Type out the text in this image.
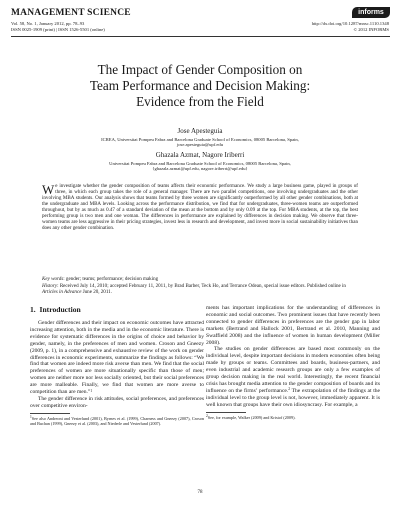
MANAGEMENT SCIENCE
Vol. 58, No. 1, January 2012, pp. 78–93
ISSN 0025-1909 (print) | ISSN 1526-5501 (online)
informs
http://dx.doi.org/10.1287/mnsc.1110.1348
© 2012 INFORMS
The Impact of Gender Composition on
Team Performance and Decision Making:
Evidence from the Field
Jose Apesteguia
ICREA, Universitat Pompeu Fabra and Barcelona Graduate School of Economics, 08005 Barcelona, Spain,
jose.apesteguia@upf.edu
Ghazala Azmat, Nagore Iriberri
Universitat Pompeu Fabra and Barcelona Graduate School of Economics, 08005 Barcelona, Spain,
{ghazala.azmat@upf.edu, nagore.iriberri@upf.edu}
We investigate whether the gender composition of teams affects their economic performance. We study a large business game, played in groups of three, in which each group takes the role of a general manager. There are two parallel competitions, one involving undergraduates and the other involving MBA students. Our analysis shows that teams formed by three women are significantly outperformed by all other gender combinations, both at the undergraduate and MBA levels. Looking across the performance distribution, we find that for undergraduates, three-women teams are outperformed throughout, but by as much as 0.47 of a standard deviation of the mean at the bottom and by only 0.09 at the top. For MBA students, at the top, the best performing group is two men and one woman. The differences in performance are explained by differences in decision making. We observe that three-women teams are less aggressive in their pricing strategies, invest less in research and development, and invest more in social sustainability initiatives than does any other gender combination.
Key words: gender; teams; performance; decision making
History: Received July 14, 2010; accepted February 11, 2011, by Brad Barber, Teck Ho, and Terrance Odean, special issue editors. Published online in Articles in Advance June 20, 2011.
1. Introduction

Gender differences and their impact on economic outcomes have attracted increasing attention, both in the media and in the economic literature. There is evidence for systematic differences in the origins of choice and behavior by gender, namely, in the preferences of men and women. Croson and Gneezy (2009, p. 1), in a comprehensive and exhaustive review of the work on gender differences in economic experiments, summarize the findings as follows: “We find that women are indeed more risk averse than men. We find that the social preferences of women are more situationally specific than those of men; women are neither more nor less socially oriented, but their social preferences are more malleable. Finally, we find that women are more averse to competition than are men.”$^1$

The gender difference in risk attitudes, social preferences, and preferences over competitive environ-

$^1$See also Andreoni and Vesterlund (2001), Byrnes et al. (1999), Charness and Gneezy (2007), Croson and Buchan (1999), Gneezy et al. (2003), and Niederle and Vesterlund (2007).

ments has important implications for the understanding of differences in economic and social outcomes. Two prominent issues that have recently been connected to gender differences in preferences are the gender gap in labor markets (Bertrand and Hallock 2001, Bertrand et al. 2010, Manning and Swaffield 2008) and the influence of women in human development (Miller 2008).

The studies on gender differences are based most commonly on the individual level, despite important decisions in modern economies often being made by groups or teams. Committees and boards, business-partners, and even industrial and academic research groups are only a few examples of group decision making in the real world. Interestingly, the recent financial crisis has brought media attention to the gender composition of boards and its influence on the firms’ performance.$^2$ The extrapolation of the findings at the individual level to the group level is not, however, immediately apparent. It is well known that groups have their own idiosyncrasy. For example, a

$^2$See, for example, Walker (2009) and Kristof (2009).

78
